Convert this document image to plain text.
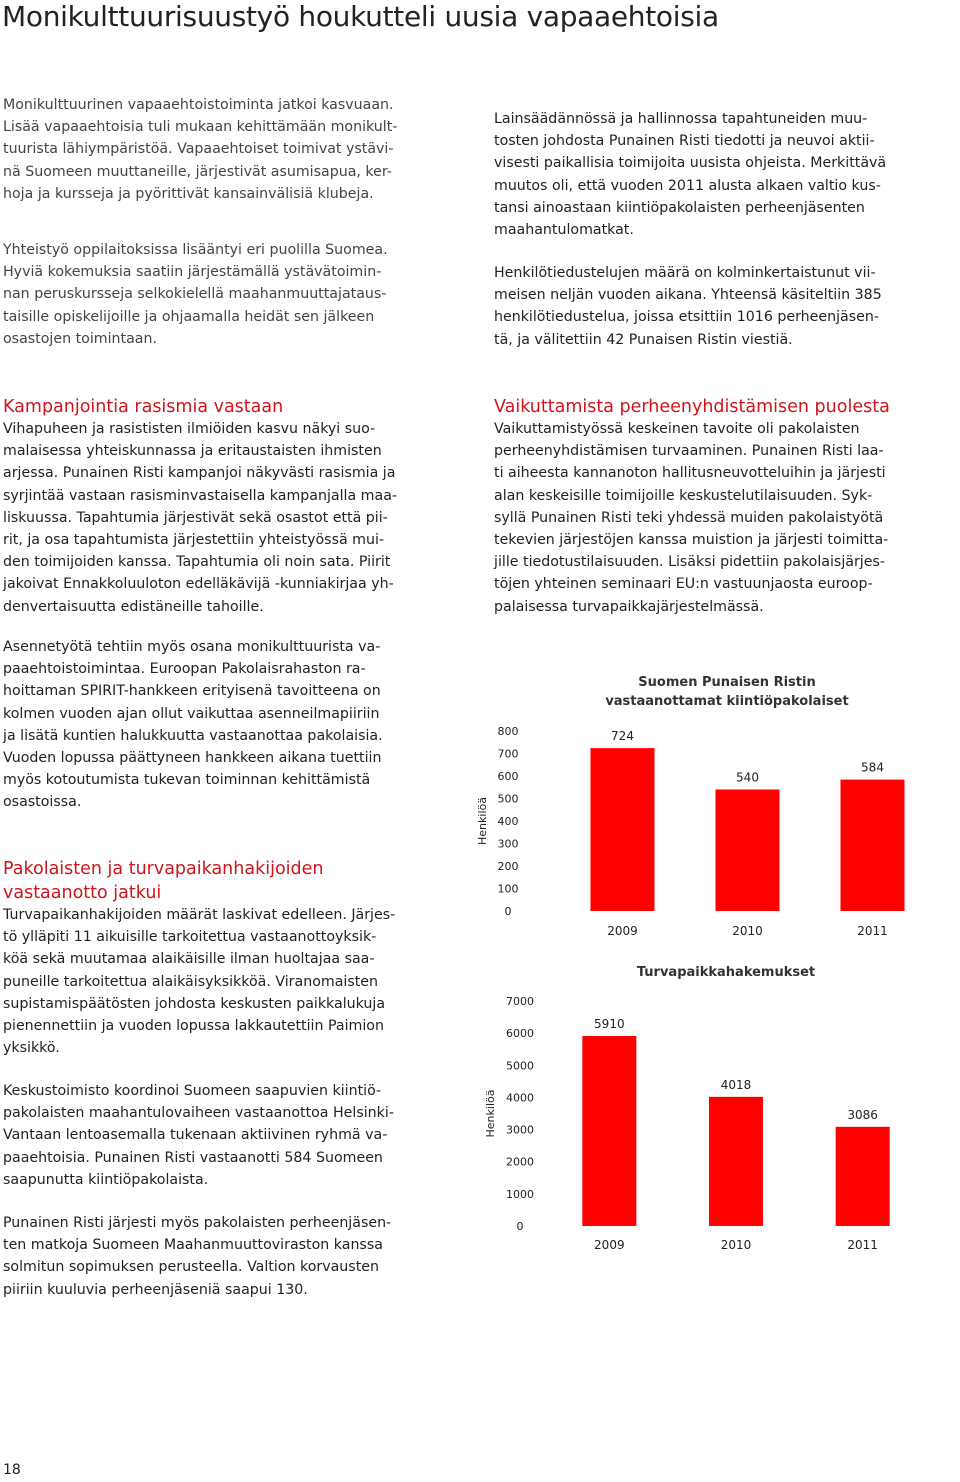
Monikulttuurisuustyö houkutteli uusia vapaaehtoisia
Monikulttuurinen vapaaehtoistoiminta jatkoi kasvuaan.
Lisää vapaaehtoisia tuli mukaan kehittämään monikult-
tuurista lähiympäristöä. Vapaaehtoiset toimivat ystävi-
nä Suomeen muuttaneille, järjestivät asumisapua, ker-
hoja ja kursseja ja pyörittivät kansainvälisiä klubeja.
Yhteistyö oppilaitoksissa lisääntyi eri puolilla Suomea.
Hyviä kokemuksia saatiin järjestämällä ystävätoimin-
nan peruskursseja selkokielellä maahanmuuttajataus-
taisille opiskelijoille ja ohjaamalla heidät sen jälkeen
osastojen toimintaan.
Kampanjointia rasismia vastaan
Vihapuheen ja rasististen ilmiöiden kasvu näkyi suo-
malaisessa yhteiskunnassa ja eritaustaisten ihmisten
arjessa. Punainen Risti kampanjoi näkyvästi rasismia ja
syrjintää vastaan rasisminvastaisella kampanjalla maa-
liskuussa. Tapahtumia järjestivät sekä osastot että pii-
rit, ja osa tapahtumista järjestettiin yhteistyössä mui-
den toimijoiden kanssa. Tapahtumia oli noin sata. Piirit
jakoivat Ennakkoluuloton edelläkävijä -kunniakirjaa yh-
denvertaisuutta edistäneille tahoille.
Asennetyötä tehtiin myös osana monikulttuurista va-
paaehtoistoimintaa. Euroopan Pakolaisrahaston ra-
hoittaman SPIRIT-hankkeen erityisenä tavoitteena on
kolmen vuoden ajan ollut vaikuttaa asenneilmapiiriin
ja lisätä kuntien halukkuutta vastaanottaa pakolaisia.
Vuoden lopussa päättyneen hankkeen aikana tuettiin
myös kotoutumista tukevan toiminnan kehittämistä
osastoissa.
Pakolaisten ja turvapaikanhakijoiden
vastaanotto jatkui
Turvapaikanhakijoiden määrät laskivat edelleen. Järjes-
tö ylläpiti 11 aikuisille tarkoitettua vastaanottoyksik-
köä sekä muutamaa alaikäisille ilman huoltajaa saa-
puneille tarkoitettua alaikäisyksikköä. Viranomaisten
supistamispäätösten johdosta keskusten paikkalukuja
pienennettiin ja vuoden lopussa lakkautettiin Paimion
yksikkö.
Keskustoimisto koordinoi Suomeen saapuvien kiintiö-
pakolaisten maahantulovaiheen vastaanottoa Helsinki-
Vantaan lentoasemalla tukenaan aktiivinen ryhmä va-
paaehtoisia. Punainen Risti vastaanotti 584 Suomeen
saapunutta kiintiöpakolaista.
Punainen Risti järjesti myös pakolaisten perheenjäsen-
ten matkoja Suomeen Maahanmuuttoviraston kanssa
solmitun sopimuksen perusteella. Valtion korvausten
piiriin kuuluvia perheenjäseniä saapui 130.
Lainsäädännössä ja hallinnossa tapahtuneiden muu-
tosten johdosta Punainen Risti tiedotti ja neuvoi aktii-
visesti paikallisia toimijoita uusista ohjeista. Merkittävä
muutos oli, että vuoden 2011 alusta alkaen valtio kus-
tansi ainoastaan kiintiöpakolaisten perheenjäsenten
maahantulomatkat.
Henkilötiedustelujen määrä on kolminkertaistunut vii-
meisen neljän vuoden aikana. Yhteensä käsiteltiin 385
henkilötiedustelua, joissa etsittiin 1016 perheenjäsen-
tä, ja välitettiin 42 Punaisen Ristin viestiä.
Vaikuttamista perheenyhdistämisen puolesta
Vaikuttamistyössä keskeinen tavoite oli pakolaisten
perheenyhdistämisen turvaaminen. Punainen Risti laa-
ti aiheesta kannanoton hallitusneuvotteluihin ja järjesti
alan keskeisille toimijoille keskustelutilaisuuden. Syk-
syllä Punainen Risti teki yhdessä muiden pakolaistyötä
tekevien järjestöjen kanssa muistion ja järjesti toimitta-
jille tiedotustilaisuuden. Lisäksi pidettiin pakolaisjärjes-
töjen yhteinen seminaari EU:n vastuunjaosta euroop-
palaisessa turvapaikkajärjestelmässä.
Suomen Punaisen Ristin
vastaanottamat kiintiöpakolaiset
Henkilöä
0
100
200
300
400
500
600
700
800	724
2009
540
2010
584
2011
Turvapaikkahakemukset
Henkilöä
0
1000
2000
3000
4000
5000
6000
7000
5910
2009
4018
2010
3086
2011
18
